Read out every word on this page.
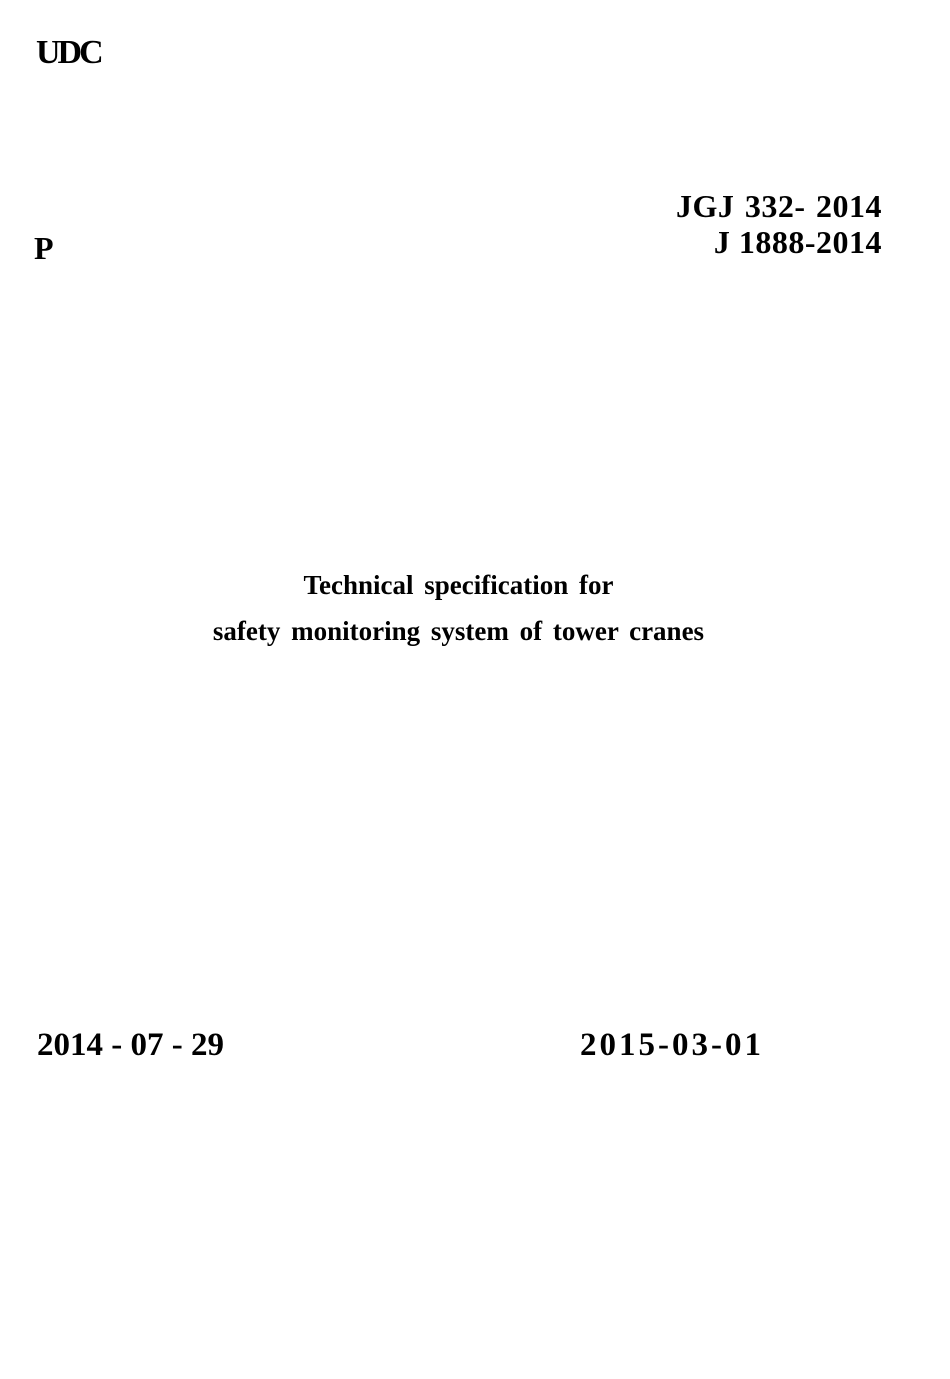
UDC
P
JGJ 332- 2014
J 1888-2014
Technical specification for
safety monitoring system of tower cranes
2014 - 07 - 29	2015-03-01
